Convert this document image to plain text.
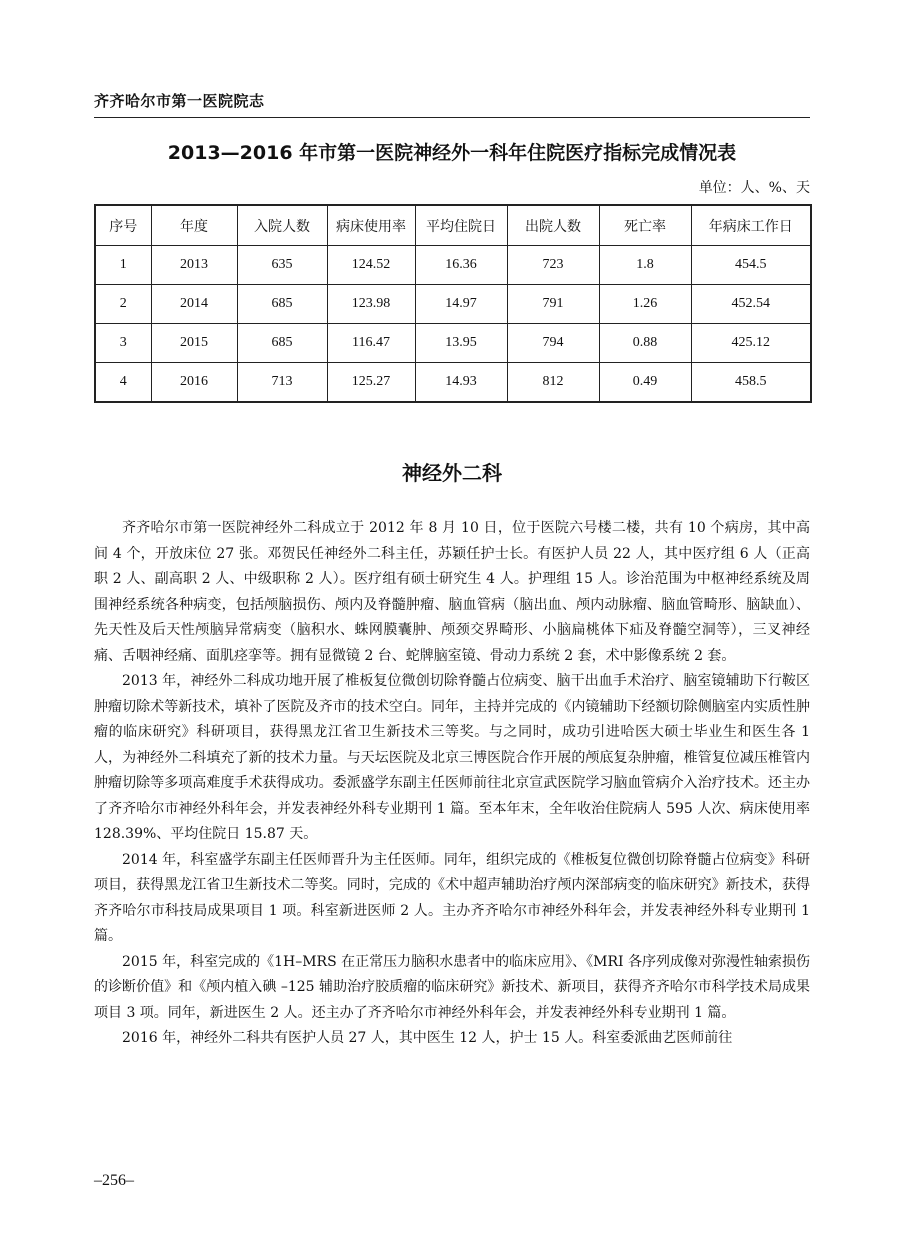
齐齐哈尔市第一医院院志
2013—2016 年市第一医院神经外一科年住院医疗指标完成情况表
单位：人、%、天
序号	年度	入院人数	病床使用率	平均住院日	出院人数	死亡率	年病床工作日
1	2013	635	124.52	16.36	723	1.8	454.5
2	2014	685	123.98	14.97	791	1.26	452.54
3	2015	685	116.47	13.95	794	0.88	425.12
4	2016	713	125.27	14.93	812	0.49	458.5
神经外二科

齐齐哈尔市第一医院神经外二科成立于 2012 年 8 月 10 日，位于医院六号楼二楼，共有 10 个病房，其中高间 4 个，开放床位 27 张。邓贺民任神经外二科主任，苏颖任护士长。有医护人员 22 人，其中医疗组 6 人（正高职 2 人、副高职 2 人、中级职称 2 人）。医疗组有硕士研究生 4 人。护理组 15 人。诊治范围为中枢神经系统及周围神经系统各种病变，包括颅脑损伤、颅内及脊髓肿瘤、脑血管病（脑出血、颅内动脉瘤、脑血管畸形、脑缺血）、先天性及后天性颅脑异常病变（脑积水、蛛网膜囊肿、颅颈交界畸形、小脑扁桃体下疝及脊髓空洞等），三叉神经痛、舌咽神经痛、面肌痉挛等。拥有显微镜 2 台、蛇牌脑室镜、骨动力系统 2 套，术中影像系统 2 套。

2013 年，神经外二科成功地开展了椎板复位微创切除脊髓占位病变、脑干出血手术治疗、脑室镜辅助下行鞍区肿瘤切除术等新技术，填补了医院及齐市的技术空白。同年，主持并完成的《内镜辅助下经额切除侧脑室内实质性肿瘤的临床研究》科研项目，获得黑龙江省卫生新技术三等奖。与之同时，成功引进哈医大硕士毕业生和医生各 1 人，为神经外二科填充了新的技术力量。与天坛医院及北京三博医院合作开展的颅底复杂肿瘤，椎管复位减压椎管内肿瘤切除等多项高难度手术获得成功。委派盛学东副主任医师前往北京宣武医院学习脑血管病介入治疗技术。还主办了齐齐哈尔市神经外科年会，并发表神经外科专业期刊 1 篇。至本年末，全年收治住院病人 595 人次、病床使用率 128.39%、平均住院日 15.87 天。

2014 年，科室盛学东副主任医师晋升为主任医师。同年，组织完成的《椎板复位微创切除脊髓占位病变》科研项目，获得黑龙江省卫生新技术二等奖。同时，完成的《术中超声辅助治疗颅内深部病变的临床研究》新技术，获得齐齐哈尔市科技局成果项目 1 项。科室新进医师 2 人。主办齐齐哈尔市神经外科年会，并发表神经外科专业期刊 1 篇。

2015 年，科室完成的《1H–MRS 在正常压力脑积水患者中的临床应用》、《MRI 各序列成像对弥漫性轴索损伤的诊断价值》和《颅内植入碘 –125 辅助治疗胶质瘤的临床研究》新技术、新项目，获得齐齐哈尔市科学技术局成果项目 3 项。同年，新进医生 2 人。还主办了齐齐哈尔市神经外科年会，并发表神经外科专业期刊 1 篇。

2016 年，神经外二科共有医护人员 27 人，其中医生 12 人，护士 15 人。科室委派曲艺医师前往

–256–
